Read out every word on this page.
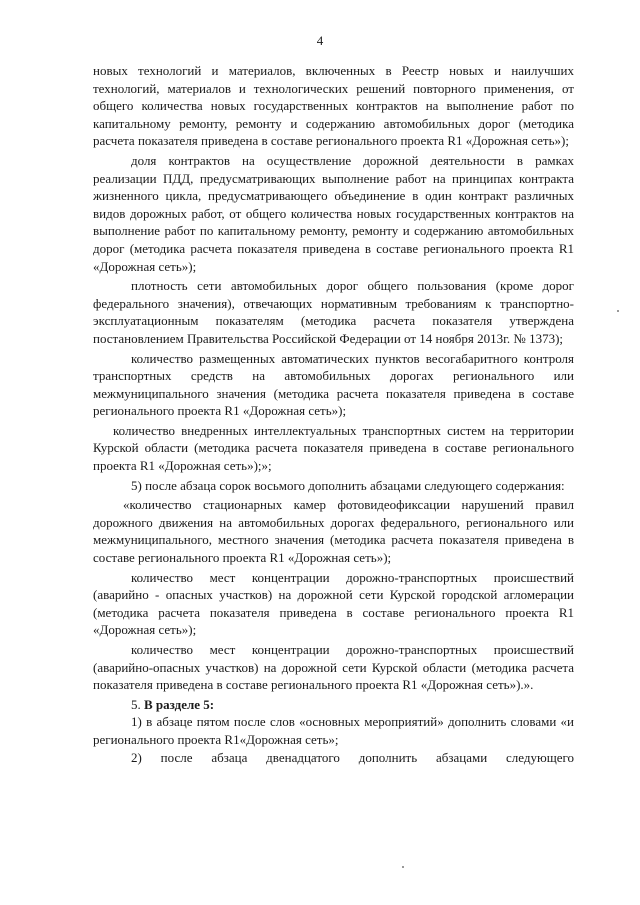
4

новых технологий и материалов, включенных в Реестр новых и наилучших технологий, материалов и технологических решений повторного применения, от общего количества новых государственных контрактов на выполнение работ по капитальному ремонту, ремонту и содержанию автомобильных дорог (методика расчета показателя приведена в составе регионального проекта R1 «Дорожная сеть»);

доля контрактов на осуществление дорожной деятельности в рамках реализации ПДД, предусматривающих выполнение работ на принципах контракта жизненного цикла, предусматривающего объединение в один контракт различных видов дорожных работ, от общего количества новых государственных контрактов на выполнение работ по капитальному ремонту, ремонту и содержанию автомобильных дорог (методика расчета показателя приведена в составе регионального проекта R1 «Дорожная сеть»);

плотность сети автомобильных дорог общего пользования (кроме дорог федерального значения), отвечающих нормативным требованиям к транспортно-эксплуатационным показателям (методика расчета показателя утверждена постановлением Правительства Российской Федерации от 14 ноября 2013г. № 1373);

количество размещенных автоматических пунктов весогабаритного контроля транспортных средств на автомобильных дорогах регионального или межмуниципального значения (методика расчета показателя приведена в составе регионального проекта R1 «Дорожная сеть»);

количество внедренных интеллектуальных транспортных систем на территории Курской области (методика расчета показателя приведена в составе регионального проекта R1 «Дорожная сеть»);»;

5) после абзаца сорок восьмого дополнить абзацами следующего содержания:

«количество стационарных камер фотовидеофиксации нарушений правил дорожного движения на автомобильных дорогах федерального, регионального или межмуниципального, местного значения (методика расчета показателя приведена в составе регионального проекта R1 «Дорожная сеть»);

количество мест концентрации дорожно-транспортных происшествий (аварийно - опасных участков) на дорожной сети Курской городской агломерации (методика расчета показателя приведена в составе регионального проекта R1 «Дорожная сеть»);

количество мест концентрации дорожно-транспортных происшествий (аварийно-опасных участков) на дорожной сети Курской области (методика расчета показателя приведена в составе регионального проекта R1 «Дорожная сеть»).».

5. В разделе 5:

1) в абзаце пятом после слов «основных мероприятий» дополнить словами «и регионального проекта R1«Дорожная сеть»;

2) после абзаца двенадцатого дополнить абзацами следующего
